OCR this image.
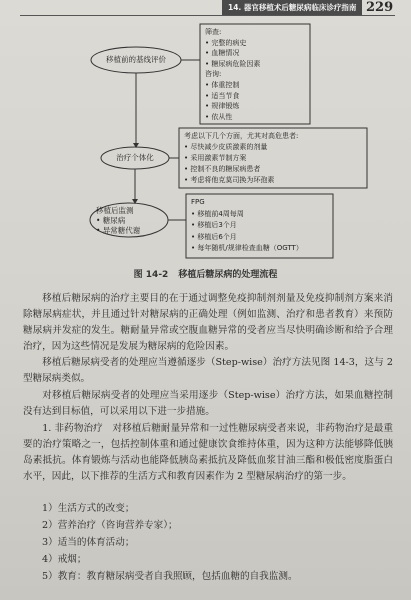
14. 器官移植术后糖尿病临床诊疗指南 229
移植前的基线评价
治疗个体化
移植后监测
• 糖尿病
• 异常糖代谢
筛查:
• 完整的病史
• 血糖情况
• 糖尿病危险因素
咨询:
• 体重控制
• 适当节食
• 规律锻炼
• 依从性
考虑以下几个方面，尤其对高危患者:
• 尽快减少皮质激素的剂量
• 采用激素节制方案
• 控制不良的糖尿病患者
• 考虑将他克莫司换为环孢素
FPG
• 移植前4周每周
• 移植后3个月
• 移植后6个月
• 每年随机/规律检查血糖（OGTT）
图 14-2 移植后糖尿病的处理流程
移植后糖尿病的治疗主要目的在于通过调整免疫抑制剂剂量及免疫抑制剂方案来消除糖尿病症状，并且通过针对糖尿病的正确处理（例如监测、治疗和患者教育）来预防糖尿病并发症的发生。糖耐量异常或空腹血糖异常的受者应当尽快明确诊断和给予合理治疗，因为这些情况是发展为糖尿病的危险因素。
移植后糖尿病受者的处理应当遵循逐步（Step-wise）治疗方法见图 14-3，这与 2 型糖尿病类似。
对移植后糖尿病受者的处理应当采用逐步（Step-wise）治疗方法，如果血糖控制没有达到目标值，可以采用以下进一步措施。
1. 非药物治疗　对移植后糖耐量异常和一过性糖尿病受者来说，非药物治疗是最重要的治疗策略之一，包括控制体重和通过健康饮食维持体重，因为这种方法能够降低胰岛素抵抗。体育锻炼与活动也能降低胰岛素抵抗及降低血浆甘油三酯和极低密度脂蛋白水平，因此，以下推荐的生活方式和教育因素作为 2 型糖尿病治疗的第一步。
1）生活方式的改变；
2）营养治疗（咨询营养专家）；
3）适当的体育活动；
4）戒烟；
5）教育：教育糖尿病受者自我照顾，包括血糖的自我监测。
